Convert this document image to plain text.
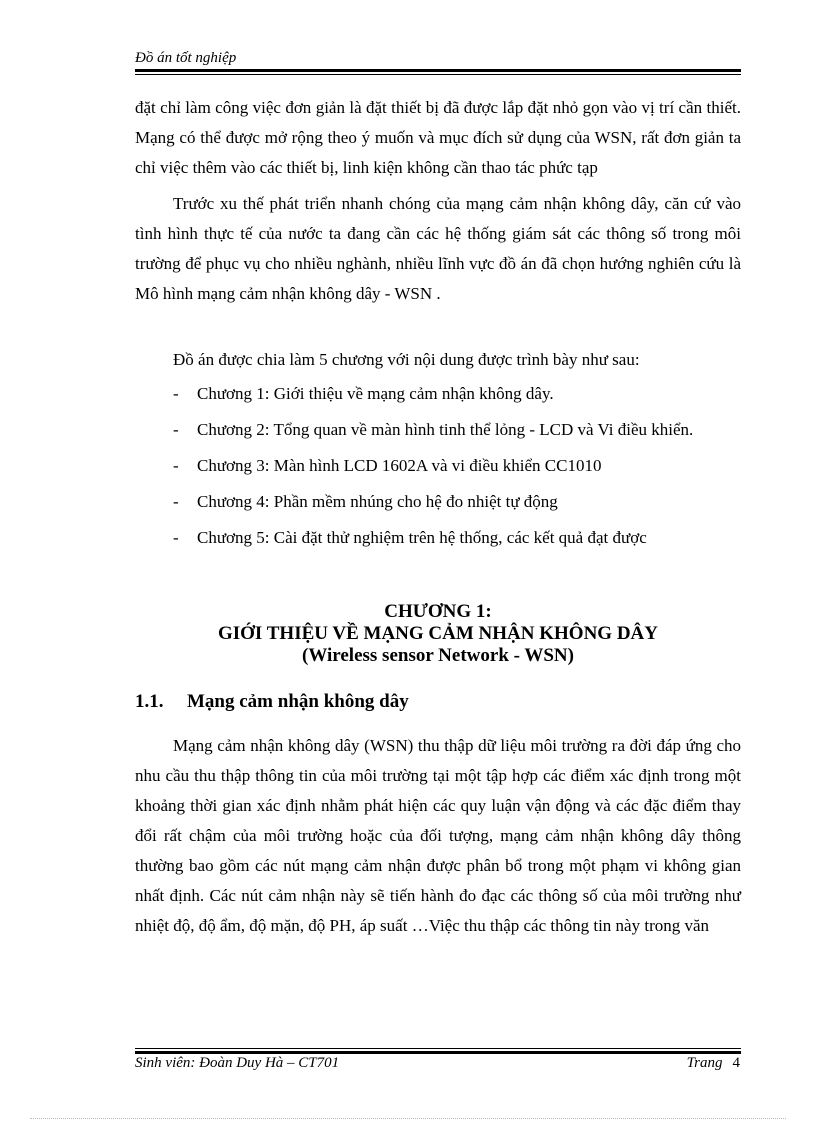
Đồ án tốt nghiệp

đặt chỉ làm công việc đơn giản là đặt thiết bị đã được lắp đặt nhỏ gọn vào vị trí cần thiết. Mạng có thể được mở rộng theo ý muốn và mục đích sử dụng của WSN, rất đơn giản ta chỉ việc thêm vào các thiết bị, linh kiện không cần thao tác phức tạp

Trước xu thế phát triển nhanh chóng của mạng cảm nhận không dây, căn cứ vào tình hình thực tế của nước ta đang cần các hệ thống giám sát các thông số trong môi trường để phục vụ cho nhiều nghành, nhiều lĩnh vực đồ án đã chọn hướng nghiên cứu là Mô hình mạng cảm nhận không dây - WSN .

Đồ án được chia làm 5 chương với nội dung được trình bày như sau:

- Chương 1: Giới thiệu về mạng cảm nhận không dây.
- Chương 2: Tổng quan về màn hình tinh thể lỏng - LCD và Vi điều khiển.
- Chương 3: Màn hình LCD 1602A và vi điều khiển CC1010
- Chương 4: Phần mềm nhúng cho hệ đo nhiệt tự động
- Chương 5: Cài đặt thử nghiệm trên hệ thống, các kết quả đạt được
CHƯƠNG 1:
GIỚI THIỆU VỀ MẠNG CẢM NHẬN KHÔNG DÂY
(Wireless sensor Network - WSN)
1.1. Mạng cảm nhận không dây

Mạng cảm nhận không dây (WSN) thu thập dữ liệu môi trường ra đời đáp ứng cho nhu cầu thu thập thông tin của môi trường tại một tập hợp các điểm xác định trong một khoảng thời gian xác định nhằm phát hiện các quy luận vận động và các đặc điểm thay đổi rất chậm của môi trường hoặc của đối tượng, mạng cảm nhận không dây thông thường bao gồm các nút mạng cảm nhận được phân bổ trong một phạm vi không gian nhất định. Các nút cảm nhận này sẽ tiến hành đo đạc các thông số của môi trường như nhiệt độ, độ ẩm, độ mặn, độ PH, áp suất …Việc thu thập các thông tin này trong văn

Sinh viên: Đoàn Duy Hà – CT701	Trang 4
